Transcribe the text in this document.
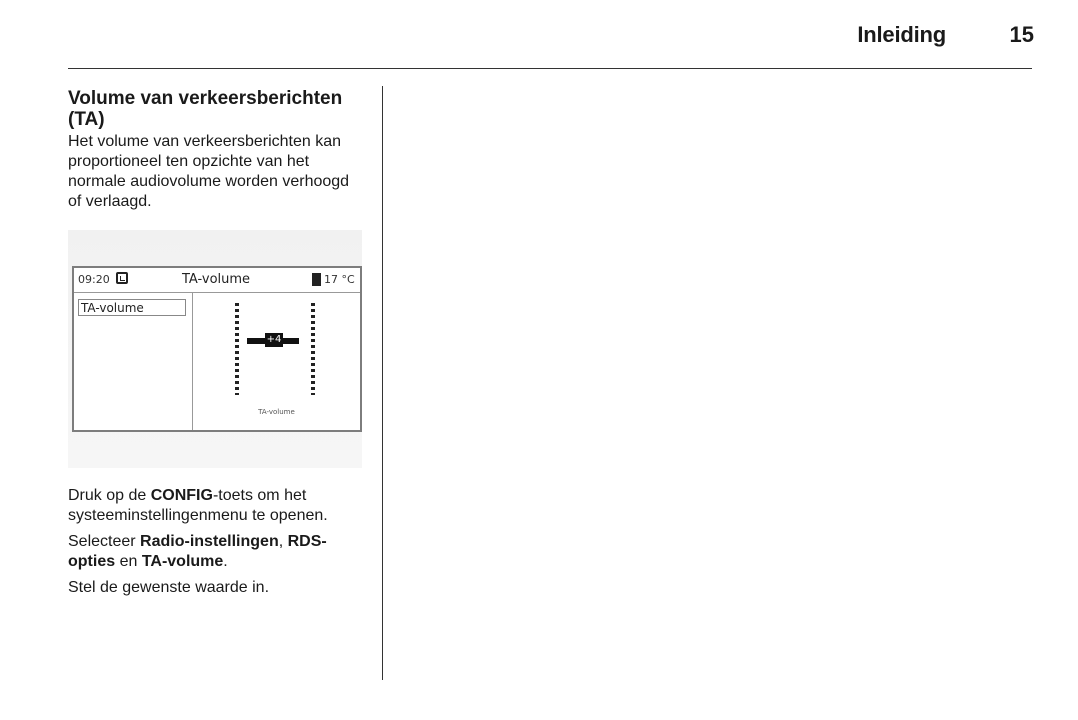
Inleiding	15
Volume van verkeersberichten (TA)

Het volume van verkeersberichten kan proportioneel ten opzichte van het normale audiovolume worden verhoogd of verlaagd.

09:20	TA-volume	17 °C
TA-volume
+4
TA-volume

Druk op de CONFIG-toets om het systeeminstellingenmenu te openen.

Selecteer Radio-instellingen, RDS-opties en TA-volume.

Stel de gewenste waarde in.
